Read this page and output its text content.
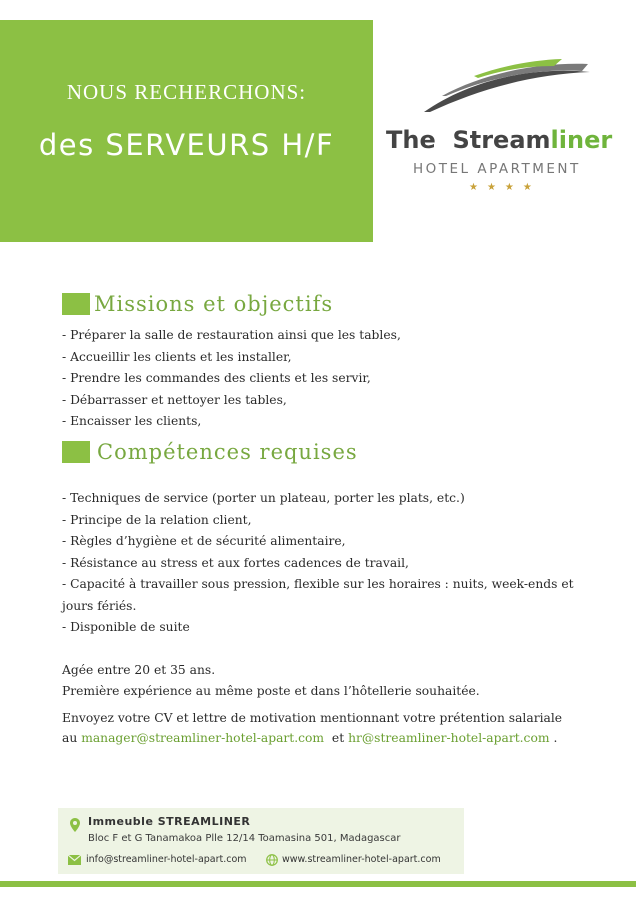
NOUS RECHERCHONS:
des SERVEURS H/F	The Streamliner
HOTEL APARTMENT
★★★★
Missions et objectifs
- Préparer la salle de restauration ainsi que les tables,
- Accueillir les clients et les installer,
- Prendre les commandes des clients et les servir,
- Débarrasser et nettoyer les tables,
- Encaisser les clients,
Compétences requises
- Techniques de service (porter un plateau, porter les plats, etc.)
- Principe de la relation client,
- Règles d’hygiène et de sécurité alimentaire,
- Résistance au stress et aux fortes cadences de travail,
- Capacité à travailler sous pression, flexible sur les horaires : nuits, week-ends et jours fériés.
- Disponible de suite
Agée entre 20 et 35 ans.
Première expérience au même poste et dans l’hôtellerie souhaitée.
Envoyez votre CV et lettre de motivation mentionnant votre prétention salariale
au manager@streamliner-hotel-apart.com et hr@streamliner-hotel-apart.com .
Immeuble STREAMLINER
Bloc F et G Tanamakoa Plle 12/14 Toamasina 501, Madagascar
info@streamliner-hotel-apart.com	www.streamliner-hotel-apart.com
